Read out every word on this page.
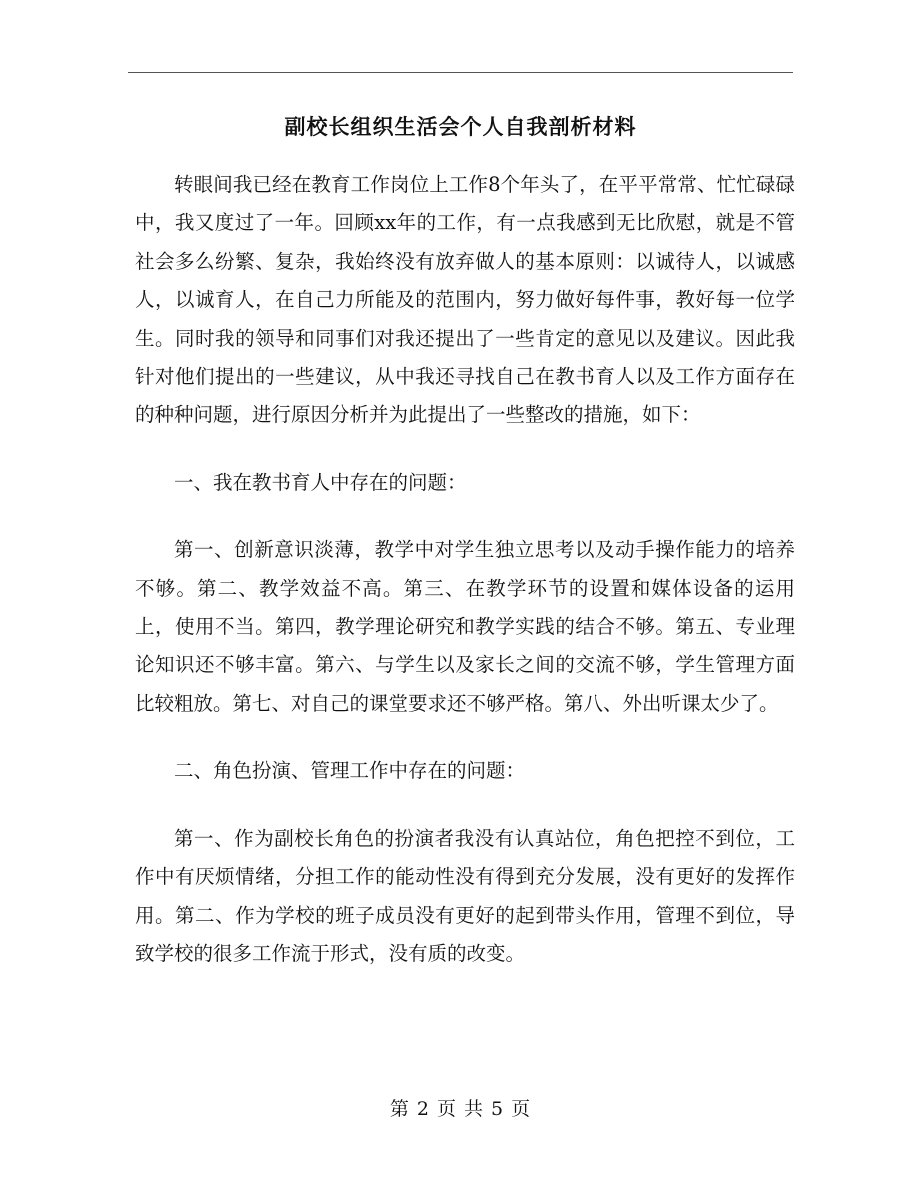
副校长组织生活会个人自我剖析材料

转眼间我已经在教育工作岗位上工作8个年头了，在平平常常、忙忙碌碌中，我又度过了一年。回顾xx年的工作，有一点我感到无比欣慰，就是不管社会多么纷繁、复杂，我始终没有放弃做人的基本原则：以诚待人，以诚感人，以诚育人，在自己力所能及的范围内，努力做好每件事，教好每一位学生。同时我的领导和同事们对我还提出了一些肯定的意见以及建议。因此我针对他们提出的一些建议，从中我还寻找自己在教书育人以及工作方面存在的种种问题，进行原因分析并为此提出了一些整改的措施，如下：

一、我在教书育人中存在的问题：

第一、创新意识淡薄，教学中对学生独立思考以及动手操作能力的培养不够。第二、教学效益不高。第三、在教学环节的设置和媒体设备的运用上，使用不当。第四，教学理论研究和教学实践的结合不够。第五、专业理论知识还不够丰富。第六、与学生以及家长之间的交流不够，学生管理方面比较粗放。第七、对自己的课堂要求还不够严格。第八、外出听课太少了。

二、角色扮演、管理工作中存在的问题：

第一、作为副校长角色的扮演者我没有认真站位，角色把控不到位，工作中有厌烦情绪，分担工作的能动性没有得到充分发展，没有更好的发挥作用。第二、作为学校的班子成员没有更好的起到带头作用，管理不到位，导致学校的很多工作流于形式，没有质的改变。

第 2 页 共 5 页
